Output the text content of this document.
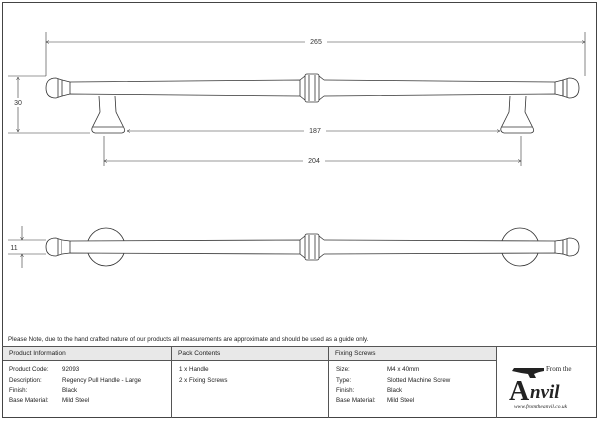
265
30
187
204
11
Please Note, due to the hand crafted nature of our products all measurements are approximate and should be used as a guide only.
Product Information	Pack Contents	Fixing Screws
Product Code: 92093
Description:	Regency Pull Handle - Large
Finish:	Black
Base Material: Mild Steel
1 x Handle
2 x Fixing Screws
Size:	M4 x 40mm
Type:	Slotted Machine Screw
Finish:	Black
Base Material: Mild Steel	A
From the
nvil
www.fromtheanvil.co.uk
